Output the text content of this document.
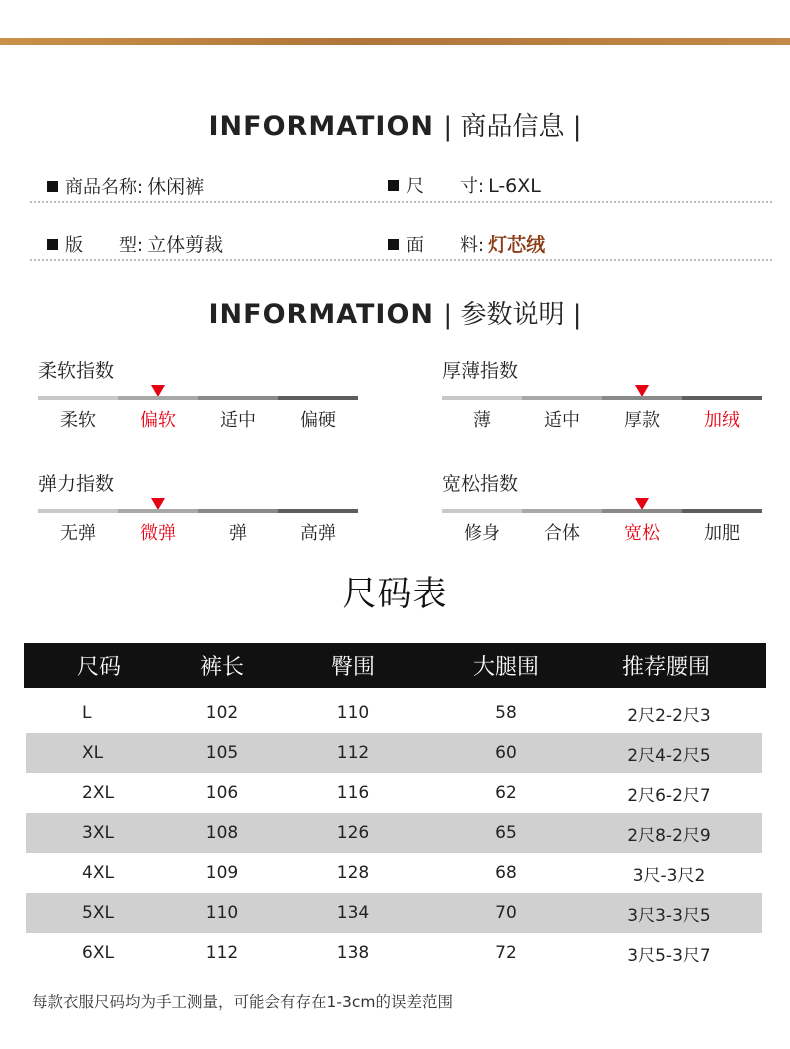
INFORMATION | 商品信息 |
商品名称: 休闲裤	尺　　寸: L-6XL
版　　型: 立体剪裁	面　　料: 灯芯绒
INFORMATION | 参数说明 |
柔软指数
柔软	偏软	适中	偏硬
厚薄指数
薄	适中	厚款	加绒
弹力指数
无弹	微弹	弹	高弹
宽松指数
修身	合体	宽松	加肥
尺码表
尺码	裤长	臀围	大腿围	推荐腰围
L	102	110	58	2尺2-2尺3
XL	105	112	60	2尺4-2尺5
2XL	106	116	62	2尺6-2尺7
3XL	108	126	65	2尺8-2尺9
4XL	109	128	68	3尺-3尺2
5XL	110	134	70	3尺3-3尺5
6XL	112	138	72	3尺5-3尺7
每款衣服尺码均为手工测量，可能会有存在1-3cm的误差范围
